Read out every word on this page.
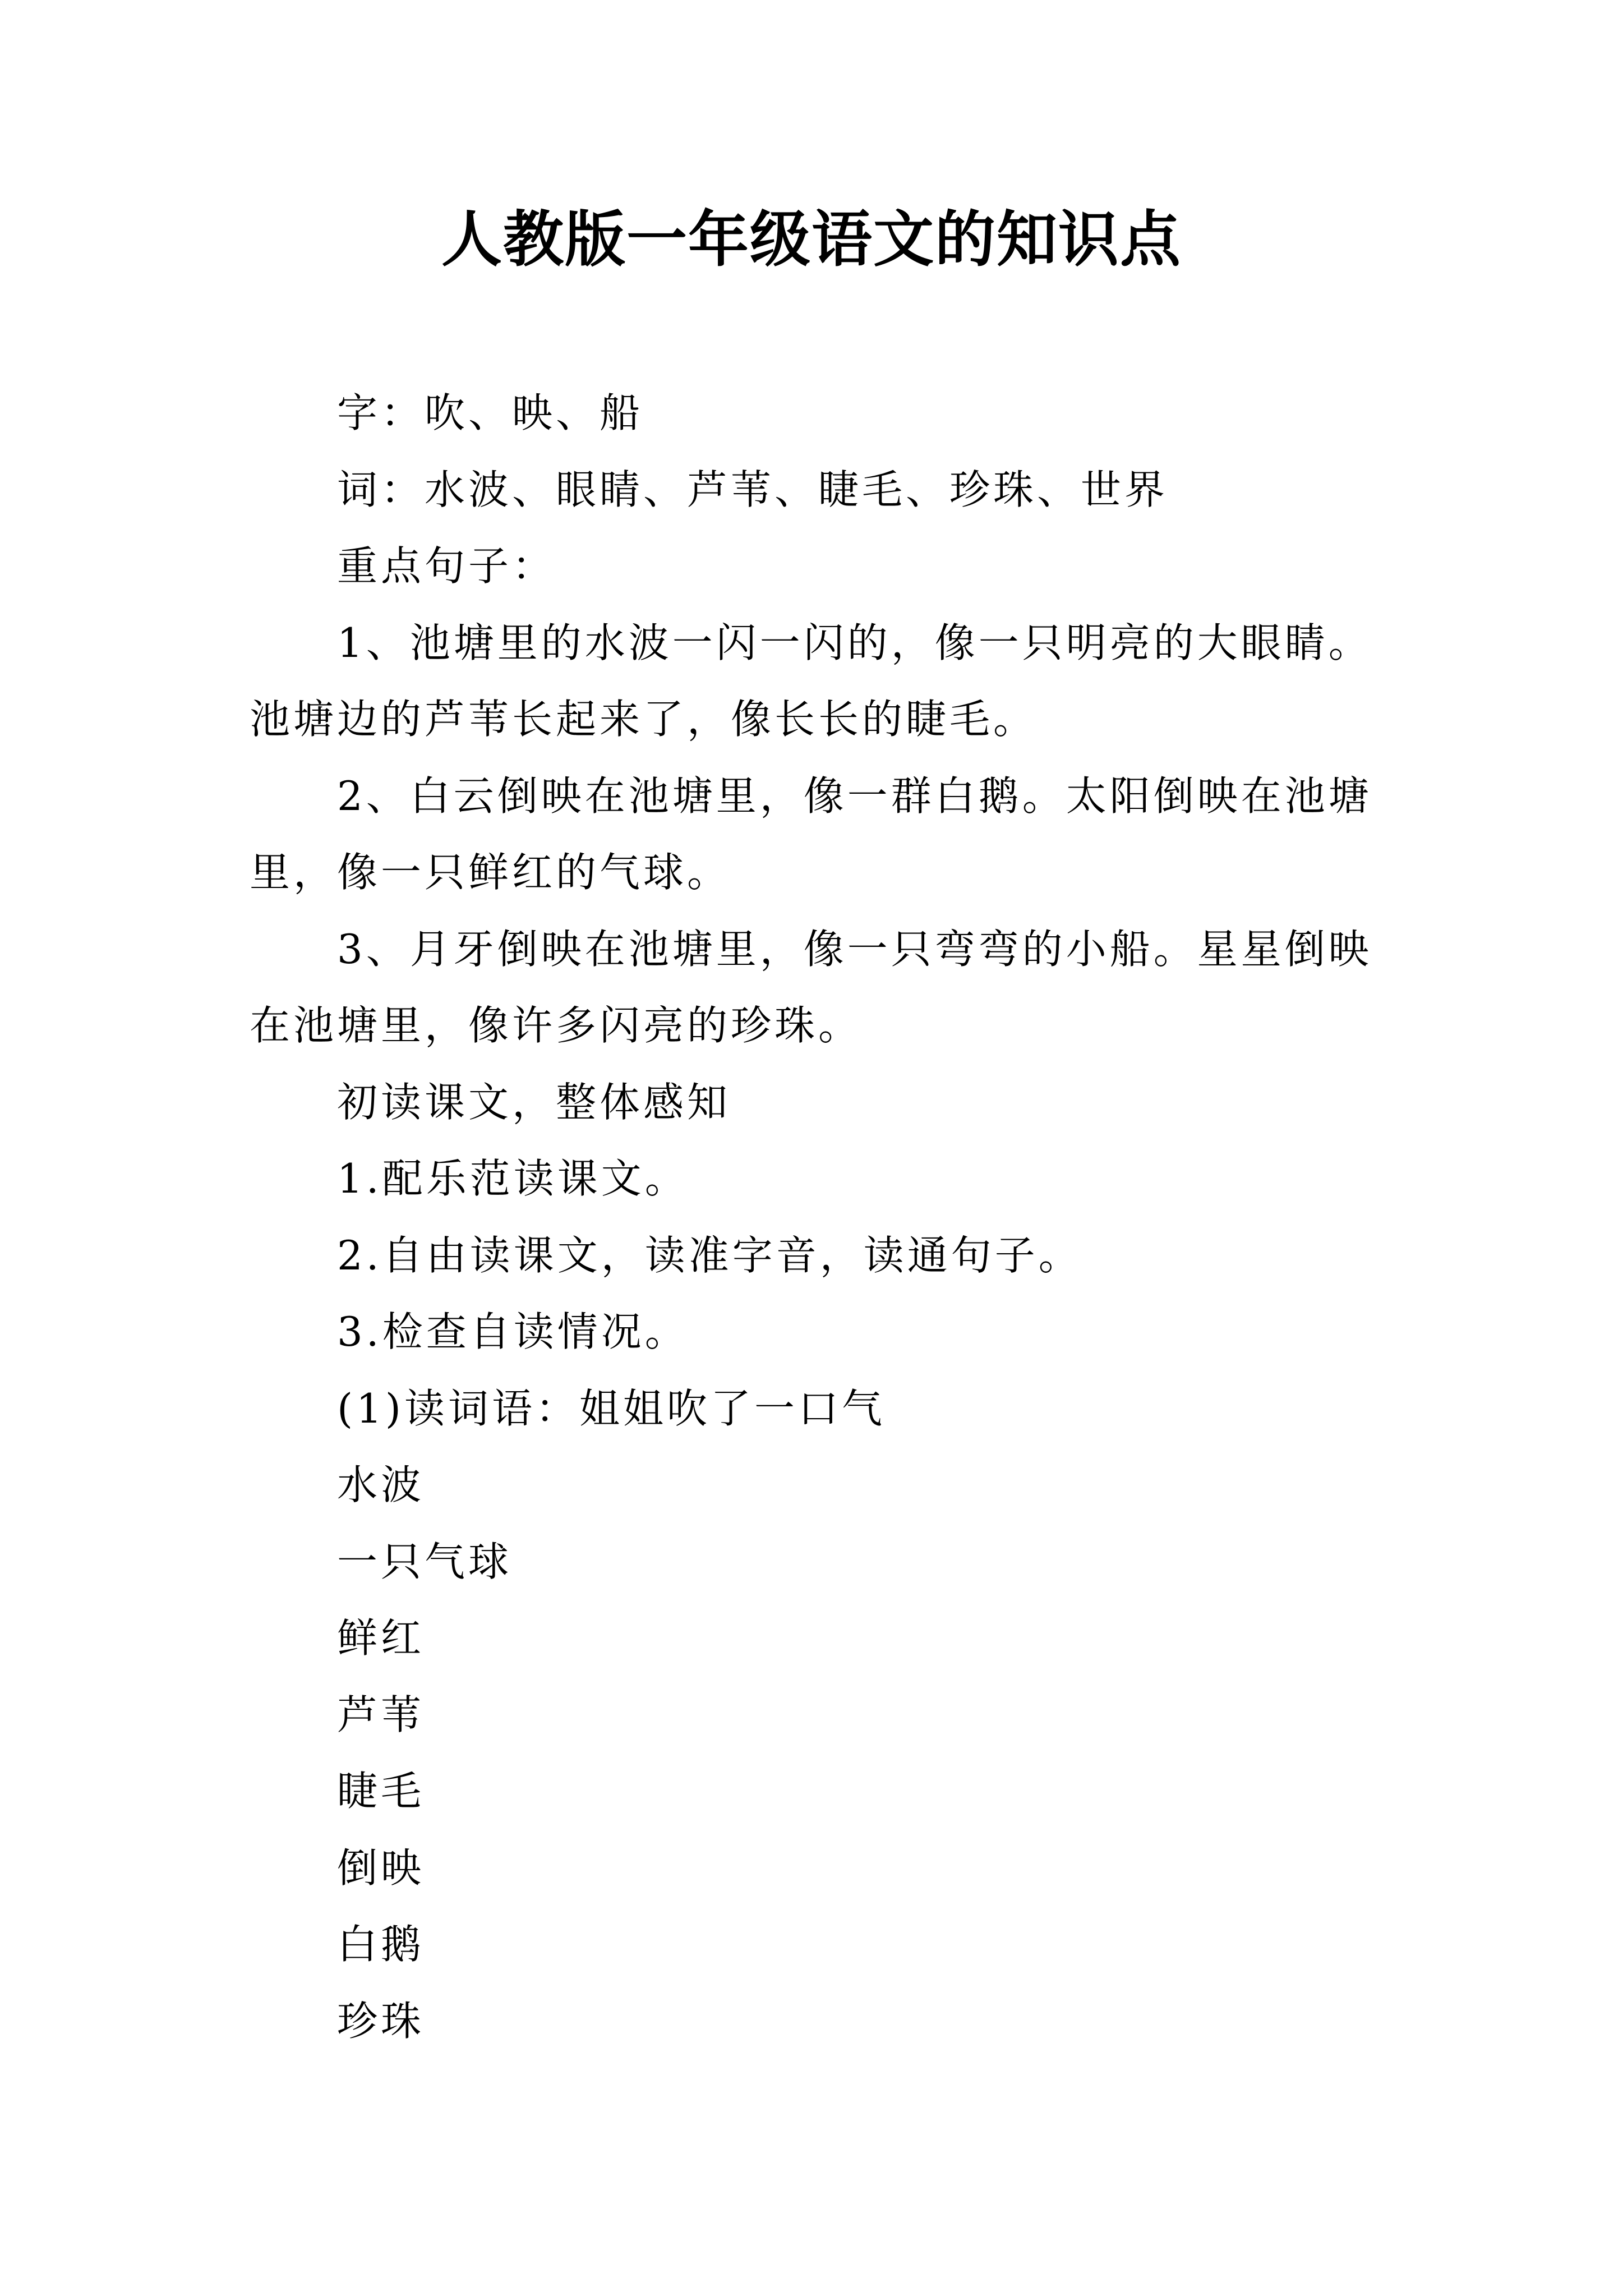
人教版一年级语文的知识点

字：吹、映、船

词：水波、眼睛、芦苇、睫毛、珍珠、世界

重点句子：

1、池塘里的水波一闪一闪的，像一只明亮的大眼睛。池塘边的芦苇长起来了，像长长的睫毛。

2、白云倒映在池塘里，像一群白鹅。太阳倒映在池塘里，像一只鲜红的气球。

3、月牙倒映在池塘里，像一只弯弯的小船。星星倒映在池塘里，像许多闪亮的珍珠。

初读课文，整体感知

1.配乐范读课文。

2.自由读课文，读准字音，读通句子。

3.检查自读情况。

(1)读词语：姐姐吹了一口气

水波

一只气球

鲜红

芦苇

睫毛

倒映

白鹅

珍珠
